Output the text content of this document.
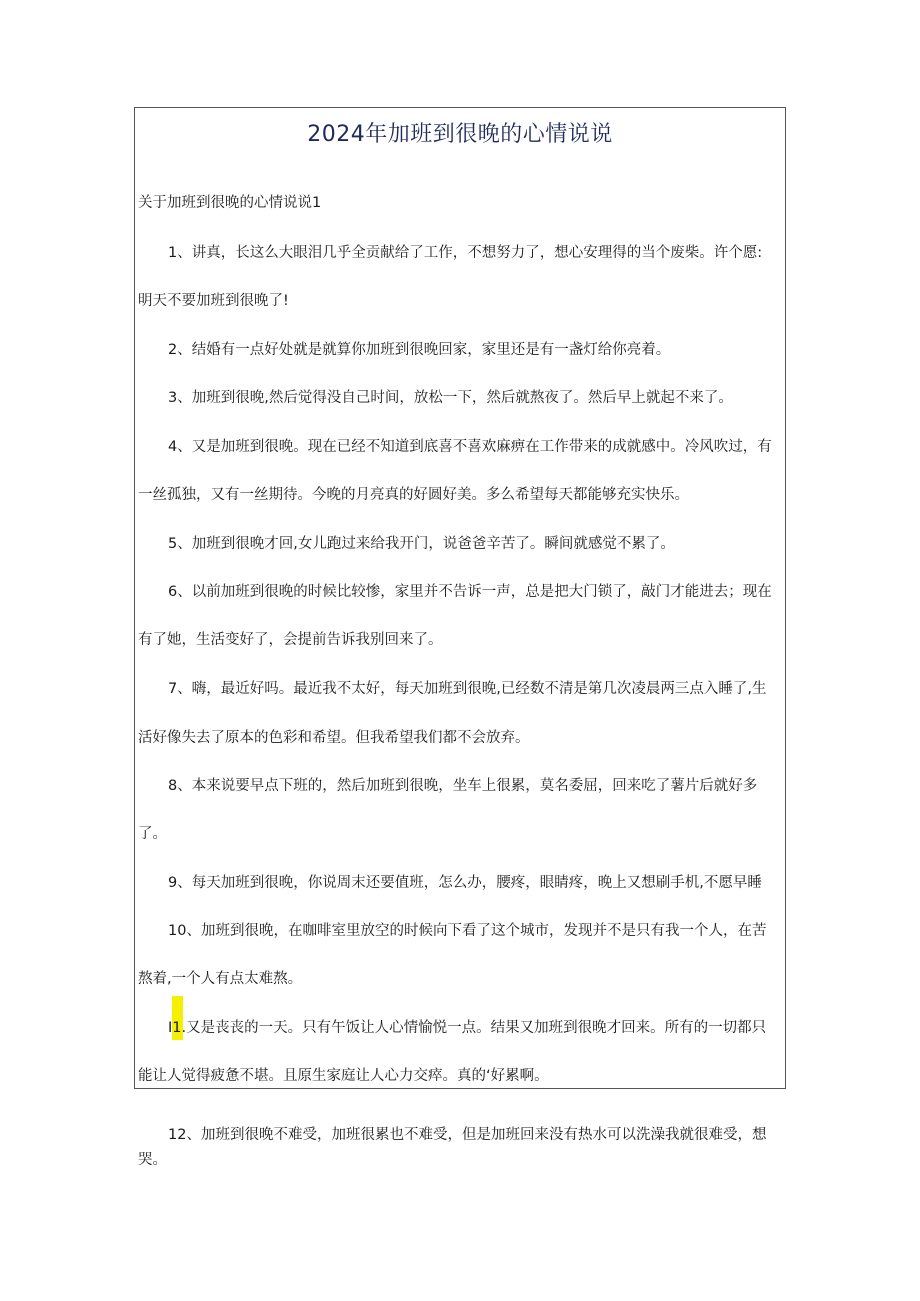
2024年加班到很晚的心情说说
关于加班到很晚的心情说说1
1、讲真，长这么大眼泪几乎全贡献给了工作，不想努力了，想心安理得的当个废柴。许个愿:
明天不要加班到很晚了!
2、结婚有一点好处就是就算你加班到很晚回家，家里还是有一盏灯给你亮着。
3、加班到很晚,然后觉得没自己时间，放松一下，然后就熬夜了。然后早上就起不来了。
4、又是加班到很晚。现在已经不知道到底喜不喜欢麻痹在工作带来的成就感中。冷风吹过，有
一丝孤独，又有一丝期待。今晚的月亮真的好圆好美。多么希望每天都能够充实快乐。
5、加班到很晚才回,女儿跑过来给我开门，说爸爸辛苦了。瞬间就感觉不累了。
6、以前加班到很晚的时候比较惨，家里并不告诉一声，总是把大门锁了，敲门才能进去；现在
有了她，生活变好了，会提前告诉我别回来了。
7、嗨，最近好吗。最近我不太好，每天加班到很晚,已经数不清是第几次凌晨两三点入睡了,生
活好像失去了原本的色彩和希望。但我希望我们都不会放弃。
8、本来说要早点下班的，然后加班到很晚，坐车上很累，莫名委屈，回来吃了薯片后就好多
了。
9、每天加班到很晚，你说周末还要值班，怎么办，腰疼，眼睛疼，晚上又想刷手机,不愿早睡
10、加班到很晚，在咖啡室里放空的时候向下看了这个城市，发现并不是只有我一个人，在苦
熬着,一个人有点太难熬。
I1.又是丧丧的一天。只有午饭让人心情愉悦一点。结果又加班到很晚才回来。所有的一切都只
能让人觉得疲惫不堪。且原生家庭让人心力交瘁。真的‘好累啊。
12、加班到很晚不难受，加班很累也不难受，但是加班回来没有热水可以洗澡我就很难受，想
哭。
